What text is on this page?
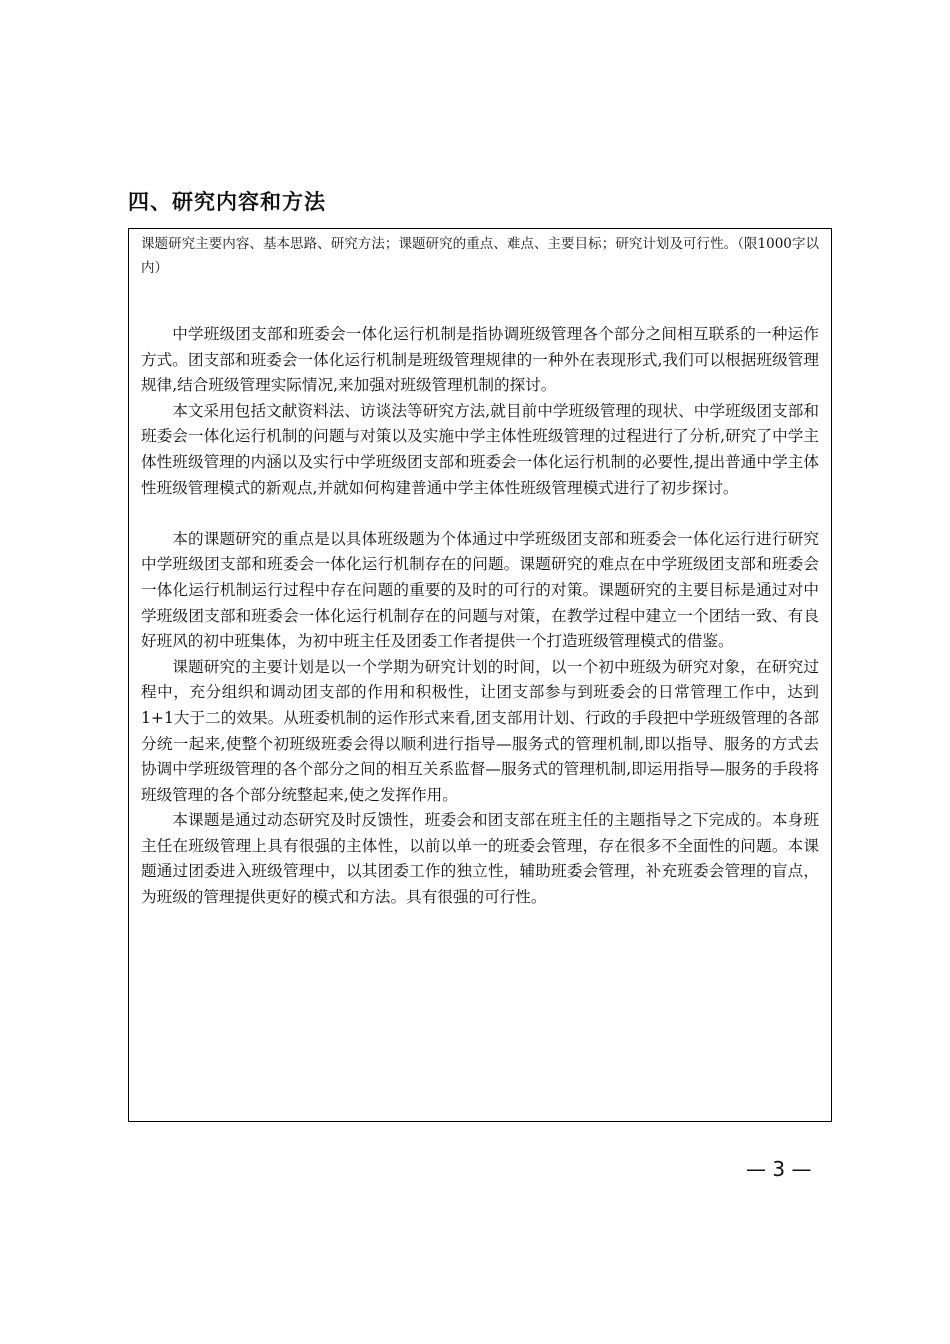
四、研究内容和方法
课题研究主要内容、基本思路、研究方法；课题研究的重点、难点、主要目标；研究计划及可行性。（限1000字以内）

中学班级团支部和班委会一体化运行机制是指协调班级管理各个部分之间相互联系的一种运作方式。团支部和班委会一体化运行机制是班级管理规律的一种外在表现形式,我们可以根据班级管理规律,结合班级管理实际情况,来加强对班级管理机制的探讨。

本文采用包括文献资料法、访谈法等研究方法,就目前中学班级管理的现状、中学班级团支部和班委会一体化运行机制的问题与对策以及实施中学主体性班级管理的过程进行了分析,研究了中学主体性班级管理的内涵以及实行中学班级团支部和班委会一体化运行机制的必要性,提出普通中学主体性班级管理模式的新观点,并就如何构建普通中学主体性班级管理模式进行了初步探讨。

本的课题研究的重点是以具体班级题为个体通过中学班级团支部和班委会一体化运行进行研究中学班级团支部和班委会一体化运行机制存在的问题。课题研究的难点在中学班级团支部和班委会一体化运行机制运行过程中存在问题的重要的及时的可行的对策。课题研究的主要目标是通过对中学班级团支部和班委会一体化运行机制存在的问题与对策，在教学过程中建立一个团结一致、有良好班风的初中班集体，为初中班主任及团委工作者提供一个打造班级管理模式的借鉴。

课题研究的主要计划是以一个学期为研究计划的时间，以一个初中班级为研究对象，在研究过程中，充分组织和调动团支部的作用和积极性，让团支部参与到班委会的日常管理工作中，达到1+1大于二的效果。从班委机制的运作形式来看,团支部用计划、行政的手段把中学班级管理的各部分统一起来,使整个初班级班委会得以顺利进行指导—服务式的管理机制,即以指导、服务的方式去协调中学班级管理的各个部分之间的相互关系监督—服务式的管理机制,即运用指导—服务的手段将班级管理的各个部分统整起来,使之发挥作用。

本课题是通过动态研究及时反馈性，班委会和团支部在班主任的主题指导之下完成的。本身班主任在班级管理上具有很强的主体性，以前以单一的班委会管理，存在很多不全面性的问题。本课题通过团委进入班级管理中，以其团委工作的独立性，辅助班委会管理，补充班委会管理的盲点，为班级的管理提供更好的模式和方法。具有很强的可行性。

— 3 —
